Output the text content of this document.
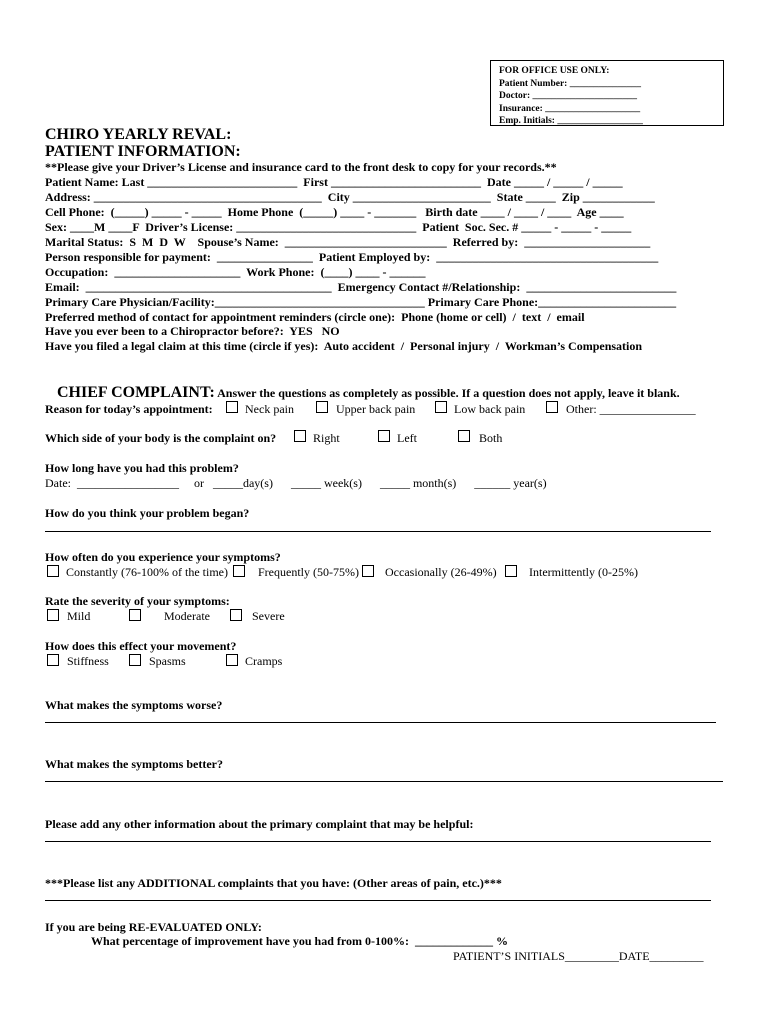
FOR OFFICE USE ONLY:
Patient Number: _______________
Doctor: ______________________
Insurance: ____________________
Emp. Initials: __________________
CHIRO YEARLY REVAL:
PATIENT INFORMATION:
**Please give your Driver’s License and insurance card to the front desk to copy for your records.**
Patient Name: Last _________________________  First _________________________  Date _____ / _____ / _____
Address: ______________________________________  City _______________________  State _____  Zip ____________
Cell Phone:  (_____) _____ - _____  Home Phone  (_____) ____ - _______   Birth date ____ / ____ / ____  Age ____
Sex: ____M ____F  Driver’s License: ______________________________  Patient  Soc. Sec. # _____ - _____ - _____
Marital Status:  S  M  D  W    Spouse’s Name:  ___________________________  Referred by:  _____________________
Person responsible for payment:  ________________  Patient Employed by:  _____________________________________
Occupation:  _____________________  Work Phone:  (____) ____ - ______
Email:  _________________________________________  Emergency Contact #/Relationship:  _________________________
Primary Care Physician/Facility:___________________________________ Primary Care Phone:_______________________
Preferred method of contact for appointment reminders (circle one):  Phone (home or cell)  /  text  /  email
Have you ever been to a Chiropractor before?:  YES   NO
Have you filed a legal claim at this time (circle if yes):  Auto accident  /  Personal injury  /  Workman’s Compensation

CHIEF COMPLAINT: Answer the questions as completely as possible. If a question does not apply, leave it blank.

Reason for today’s appointment:	Neck pain	Upper back pain	Low back pain	Other: ________________
Which side of your body is the complaint on?	Right	Left	Both
How long have you had this problem?
Date:  _________________     or   _____day(s)      _____ week(s)      _____ month(s)      ______ year(s)
How do you think your problem began?
How often do you experience your symptoms?
Constantly (76-100% of the time)	Frequently (50-75%) Occasionally (26-49%)	Intermittently (0-25%)
Rate the severity of your symptoms:
Mild	Moderate	Severe
How does this effect your movement?
Stiffness	Spasms	Cramps
What makes the symptoms worse?
What makes the symptoms better?
Please add any other information about the primary complaint that may be helpful:
***Please list any ADDITIONAL complaints that you have: (Other areas of pain, etc.)***
If you are being RE-EVALUATED ONLY:
What percentage of improvement have you had from 0-100%:  _____________ %
PATIENT’S INITIALS_________DATE_________
